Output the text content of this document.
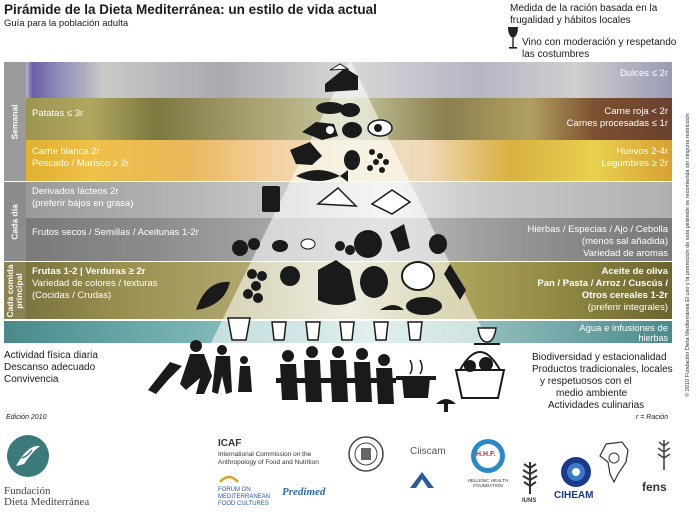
Pirámide de la Dieta Mediterránea: un estilo de vida actual
Guía para la población adulta
Medida de la ración basada en la frugalidad y hábitos locales
Vino con moderación y respetando las costumbres
Semanal
Cada día
Cada comida principal
Dulces ≤ 2r
Patatas ≤ 3r	Carne roja < 2r
Carnes procesadas ≤ 1r
Carne blanca 2r
Pescado / Marisco ≥ 2r
Huevos 2-4r
Legumbres ≥ 2r
Derivados lácteos 2r
(preferir bajos en grasa)
Frutos secos / Semillas / Aceitunas 1-2r	Hierbas / Especias / Ajo / Cebolla
(menos sal añadida)
Variedad de aromas
Frutas 1-2 | Verduras ≥ 2r
Variedad de colores / texturas
(Cocidas / Crudas)
Aceite de oliva
Pan / Pasta / Arroz / Cuscús /
Otros cereales 1-2r
(preferir integrales)
Agua e infusiones de
hierbas
Actividad física diaria
Descanso adecuado
Convivencia
Biodiversidad y estacionalidad
Productos tradicionales, locales
y respetuosos con el
medio ambiente
Actividades culinarias
Edición 2010	r = Ración
© 2010 Fundación Dieta Mediterránea El uso y la promoción de esta pirámide se recomienda sin ninguna restricción
Fundación
Dieta Mediterránea
ICAF
International Commission on the
Anthropology of Food and Nutrition
FORUM ON
MEDITERRANEAN
FOOD CULTURES
Predimed
Ciiscam	H.H.F.
HELLENIC HEALTH FOUNDATION
IUNS CIHEAM
fens
